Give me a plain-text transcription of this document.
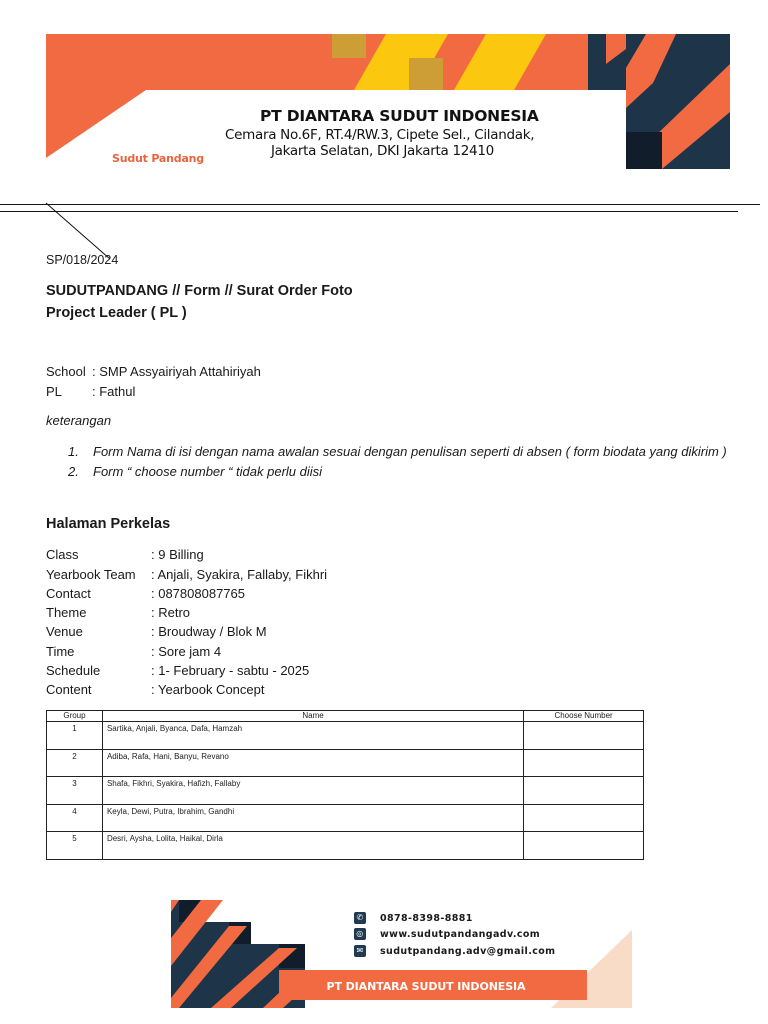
Sudut Pandang
PT DIANTARA SUDUT INDONESIA
Cemara No.6F, RT.4/RW.3, Cipete Sel., Cilandak,
Jakarta Selatan, DKI Jakarta 12410
SP/018/2024
SUDUTPANDANG // Form // Surat Order Foto
Project Leader ( PL )
School : SMP Assyairiyah Attahiriyah
PL : Fathul
keterangan
1.	Form Nama di isi dengan nama awalan sesuai dengan penulisan seperti di absen ( form biodata yang dikirim )
2.	Form “ choose number “ tidak perlu diisi
Halaman Perkelas
Class	: 9 Billing
Yearbook Team : Anjali, Syakira, Fallaby, Fikhri
Contact	: 087808087765
Theme	: Retro
Venue	: Broudway / Blok M
Time	: Sore jam 4
Schedule	: 1- February - sabtu - 2025
Content	: Yearbook Concept
Group	Name	Choose Number
1	Sartika, Anjali, Byanca, Dafa, Hamzah	
2	Adiba, Rafa, Hani, Banyu, Revano	
3	Shafa, Fikhri, Syakira, Hafizh, Fallaby	
4	Keyla, Dewi, Putra, Ibrahim, Gandhi	
5	Desri, Aysha, Lolita, Haikal, Dirla	
✆ 0878-8398-8881
◎ www.sudutpandangadv.com
✉ sudutpandang.adv@gmail.com
PT DIANTARA SUDUT INDONESIA
